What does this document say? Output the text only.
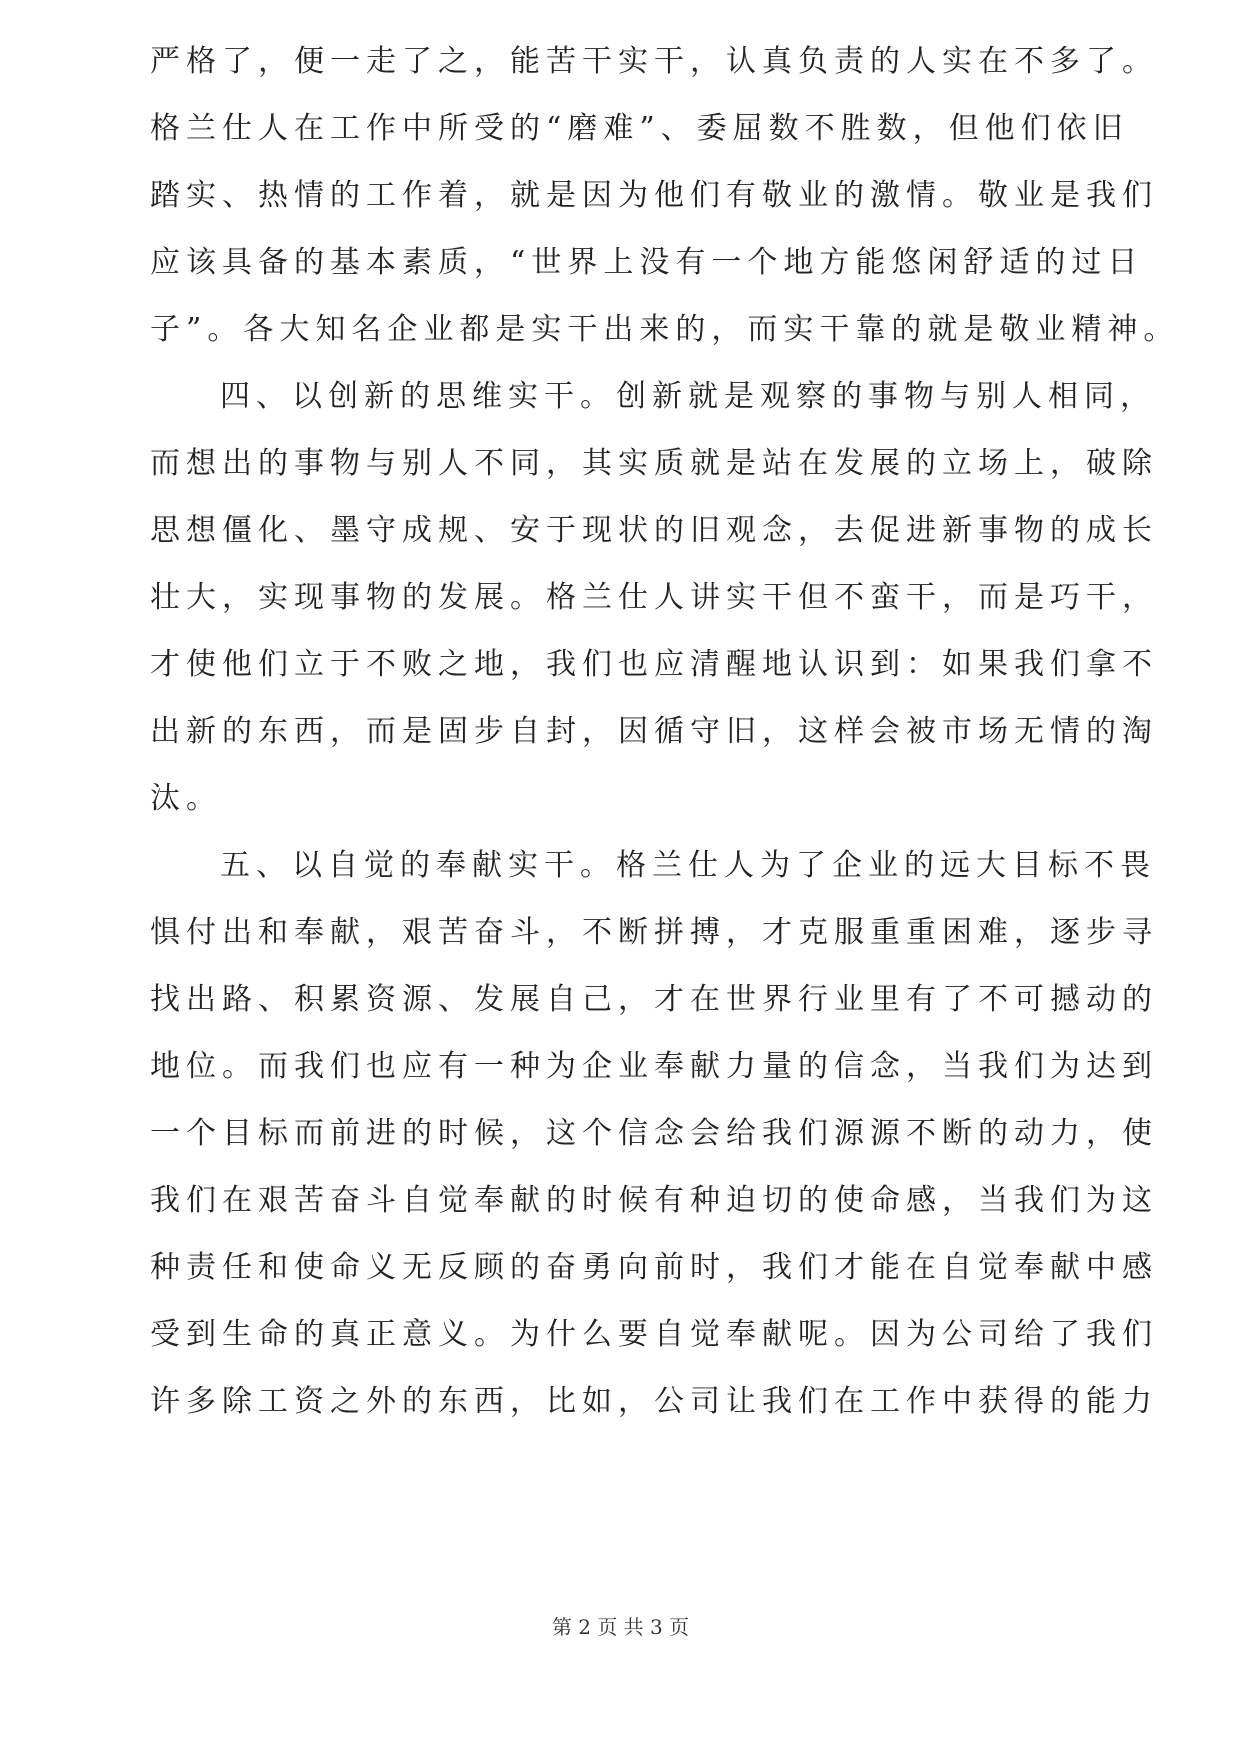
严格了，便一走了之，能苦干实干，认真负责的人实在不多了。
格兰仕人在工作中所受的“磨难”、委屈数不胜数，但他们依旧
踏实、热情的工作着，就是因为他们有敬业的激情。敬业是我们
应该具备的基本素质，“世界上没有一个地方能悠闲舒适的过日
子”。各大知名企业都是实干出来的，而实干靠的就是敬业精神。
四、以创新的思维实干。创新就是观察的事物与别人相同，
而想出的事物与别人不同，其实质就是站在发展的立场上，破除
思想僵化、墨守成规、安于现状的旧观念，去促进新事物的成长
壮大，实现事物的发展。格兰仕人讲实干但不蛮干，而是巧干，
才使他们立于不败之地，我们也应清醒地认识到：如果我们拿不
出新的东西，而是固步自封，因循守旧，这样会被市场无情的淘
汰。
五、以自觉的奉献实干。格兰仕人为了企业的远大目标不畏
惧付出和奉献，艰苦奋斗，不断拼搏，才克服重重困难，逐步寻
找出路、积累资源、发展自己，才在世界行业里有了不可撼动的
地位。而我们也应有一种为企业奉献力量的信念，当我们为达到
一个目标而前进的时候，这个信念会给我们源源不断的动力，使
我们在艰苦奋斗自觉奉献的时候有种迫切的使命感，当我们为这
种责任和使命义无反顾的奋勇向前时，我们才能在自觉奉献中感
受到生命的真正意义。为什么要自觉奉献呢。因为公司给了我们
许多除工资之外的东西，比如，公司让我们在工作中获得的能力
第 2 页 共 3 页
